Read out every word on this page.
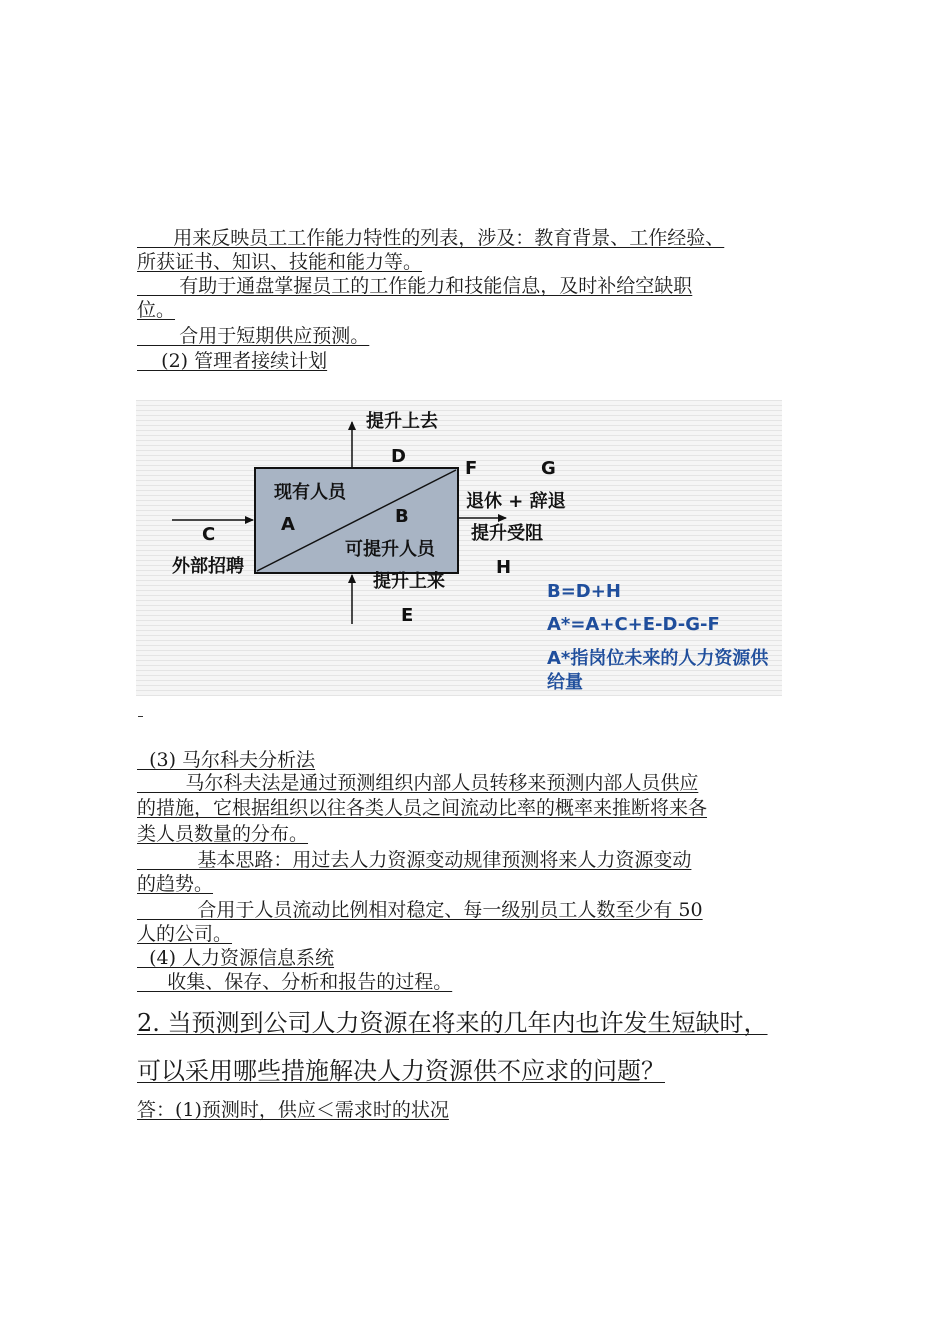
用来反映员工工作能力特性的列表，涉及：教育背景、工作经验、

所获证书、知识、技能和能力等。

有助于通盘掌握员工的工作能力和技能信息，及时补给空缺职

位。

合用于短期供应预测。

(2) 管理者接续计划

提升上去
D
F	G
现有人员
A	B
退休 + 辞退
提升受阻
C
可提升人员
外部招聘
提升上来
H
E
B=D+H
A*=A+C+E-D-G-F
A*指岗位未来的人力资源供
给量

(3) 马尔科夫分析法

马尔科夫法是通过预测组织内部人员转移来预测内部人员供应

的措施，它根据组织以往各类人员之间流动比率的概率来推断将来各

类人员数量的分布。

基本思路：用过去人力资源变动规律预测将来人力资源变动

的趋势。

合用于人员流动比例相对稳定、每一级别员工人数至少有 50

人的公司。

(4) 人力资源信息系统

收集、保存、分析和报告的过程。

2. 当预测到公司人力资源在将来的几年内也许发生短缺时，

可以采用哪些措施解决人力资源供不应求的问题？

答：(1)预测时，供应＜需求时的状况
